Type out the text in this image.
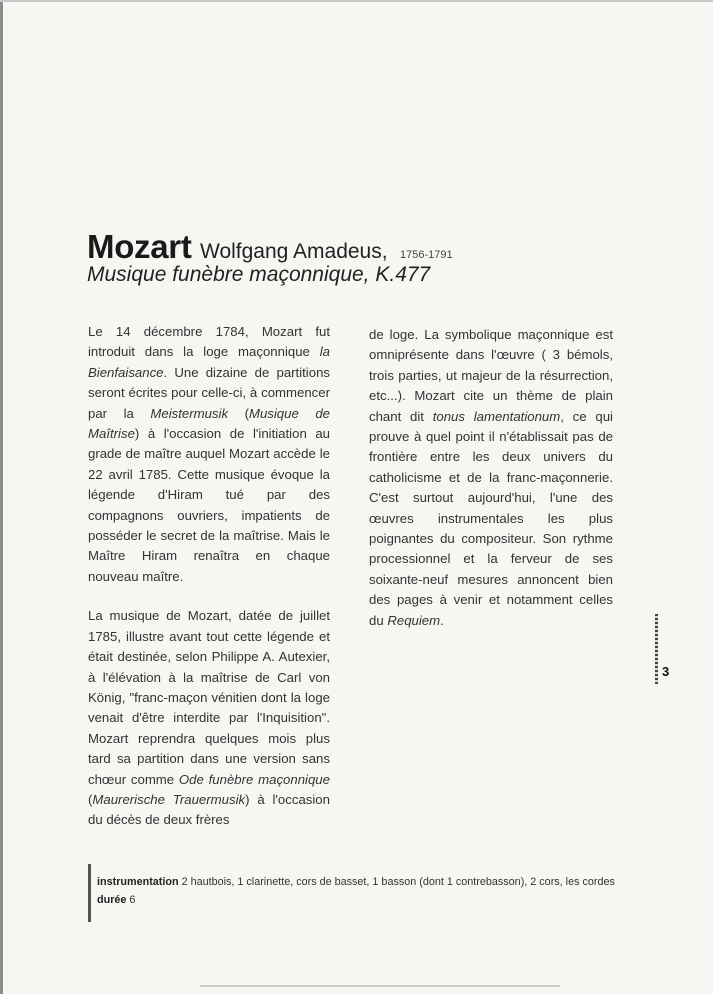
Mozart Wolfgang Amadeus, 1756-1791
Musique funèbre maçonnique, K.477

Le 14 décembre 1784, Mozart fut introduit dans la loge maçonnique la Bienfaisance. Une dizaine de partitions seront écrites pour celle-ci, à commencer par la Meistermusik (Musique de Maîtrise) à l'occasion de l'initiation au grade de maître auquel Mozart accède le 22 avril 1785. Cette musique évoque la légende d'Hiram tué par des compagnons ouvriers, impatients de posséder le secret de la maîtrise. Mais le Maître Hiram renaîtra en chaque nouveau maître.

La musique de Mozart, datée de juillet 1785, illustre avant tout cette légende et était destinée, selon Philippe A. Autexier, à l'élévation à la maîtrise de Carl von König, "franc-maçon vénitien dont la loge venait d'être interdite par l'Inquisition". Mozart reprendra quelques mois plus tard sa partition dans une version sans chœur comme Ode funèbre maçonnique (Maurerische Trauermusik) à l'occasion du décès de deux frères

de loge. La symbolique maçonnique est omniprésente dans l'œuvre ( 3 bémols, trois parties, ut majeur de la résurrection, etc...). Mozart cite un thème de plain chant dit tonus lamentationum, ce qui prouve à quel point il n'établissait pas de frontière entre les deux univers du catholicisme et de la franc-maçonnerie. C'est surtout aujourd'hui, l'une des œuvres instrumentales les plus poignantes du compositeur. Son rythme processionnel et la ferveur de ses soixante-neuf mesures annoncent bien des pages à venir et notamment celles du Requiem.

3
instrumentation 2 hautbois, 1 clarinette, cors de basset, 1 basson (dont 1 contrebasson), 2 cors, les cordes
durée 6
